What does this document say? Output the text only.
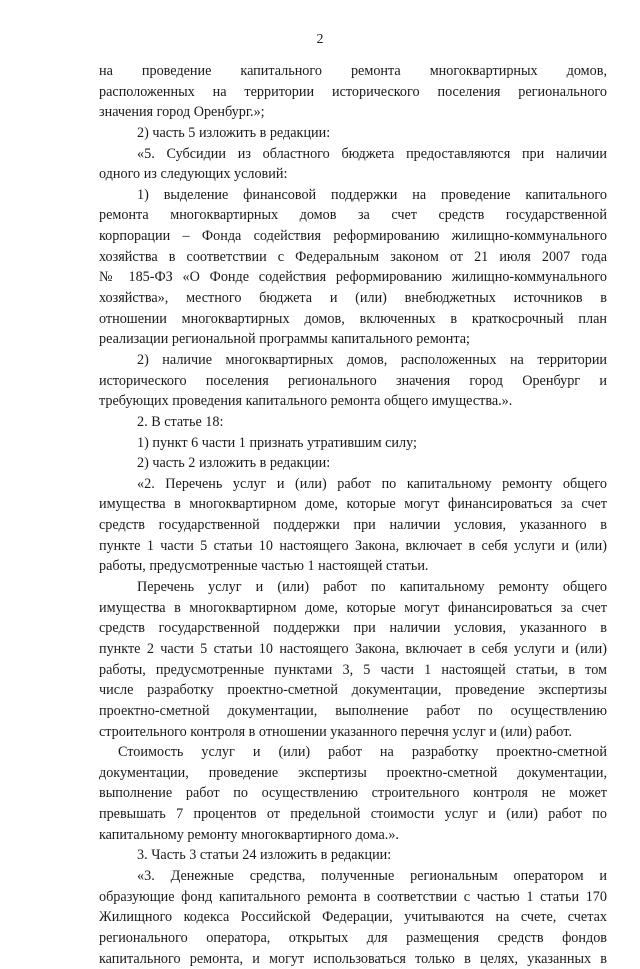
2
на проведение капитального ремонта многоквартирных домов,
расположенных на территории исторического поселения регионального
значения город Оренбург.»;
2) часть 5 изложить в редакции:
«5. Субсидии из областного бюджета предоставляются при наличии
одного из следующих условий:
1) выделение финансовой поддержки на проведение капитального
ремонта многоквартирных домов за счет средств государственной
корпорации – Фонда содействия реформированию жилищно-коммунального
хозяйства в соответствии с Федеральным законом от 21 июля 2007 года
№ 185-ФЗ «О Фонде содействия реформированию жилищно-коммунального
хозяйства», местного бюджета и (или) внебюджетных источников в
отношении многоквартирных домов, включенных в краткосрочный план
реализации региональной программы капитального ремонта;
2) наличие многоквартирных домов, расположенных на территории
исторического поселения регионального значения город Оренбург и
требующих проведения капитального ремонта общего имущества.».
2. В статье 18:
1) пункт 6 части 1 признать утратившим силу;
2) часть 2 изложить в редакции:
«2. Перечень услуг и (или) работ по капитальному ремонту общего
имущества в многоквартирном доме, которые могут финансироваться за счет
средств государственной поддержки при наличии условия, указанного в
пункте 1 части 5 статьи 10 настоящего Закона, включает в себя услуги и (или)
работы, предусмотренные частью 1 настоящей статьи.
Перечень услуг и (или) работ по капитальному ремонту общего
имущества в многоквартирном доме, которые могут финансироваться за счет
средств государственной поддержки при наличии условия, указанного в
пункте 2 части 5 статьи 10 настоящего Закона, включает в себя услуги и (или)
работы, предусмотренные пунктами 3, 5 части 1 настоящей статьи, в том
числе разработку проектно-сметной документации, проведение экспертизы
проектно-сметной документации, выполнение работ по осуществлению
строительного контроля в отношении указанного перечня услуг и (или) работ.
Стоимость услуг и (или) работ на разработку проектно-сметной
документации, проведение экспертизы проектно-сметной документации,
выполнение работ по осуществлению строительного контроля не может
превышать 7 процентов от предельной стоимости услуг и (или) работ по
капитальному ремонту многоквартирного дома.».
3. Часть 3 статьи 24 изложить в редакции:
«3. Денежные средства, полученные региональным оператором и
образующие фонд капитального ремонта в соответствии с частью 1 статьи 170
Жилищного кодекса Российской Федерации, учитываются на счете, счетах
регионального оператора, открытых для размещения средств фондов
капитального ремонта, и могут использоваться только в целях, указанных в
